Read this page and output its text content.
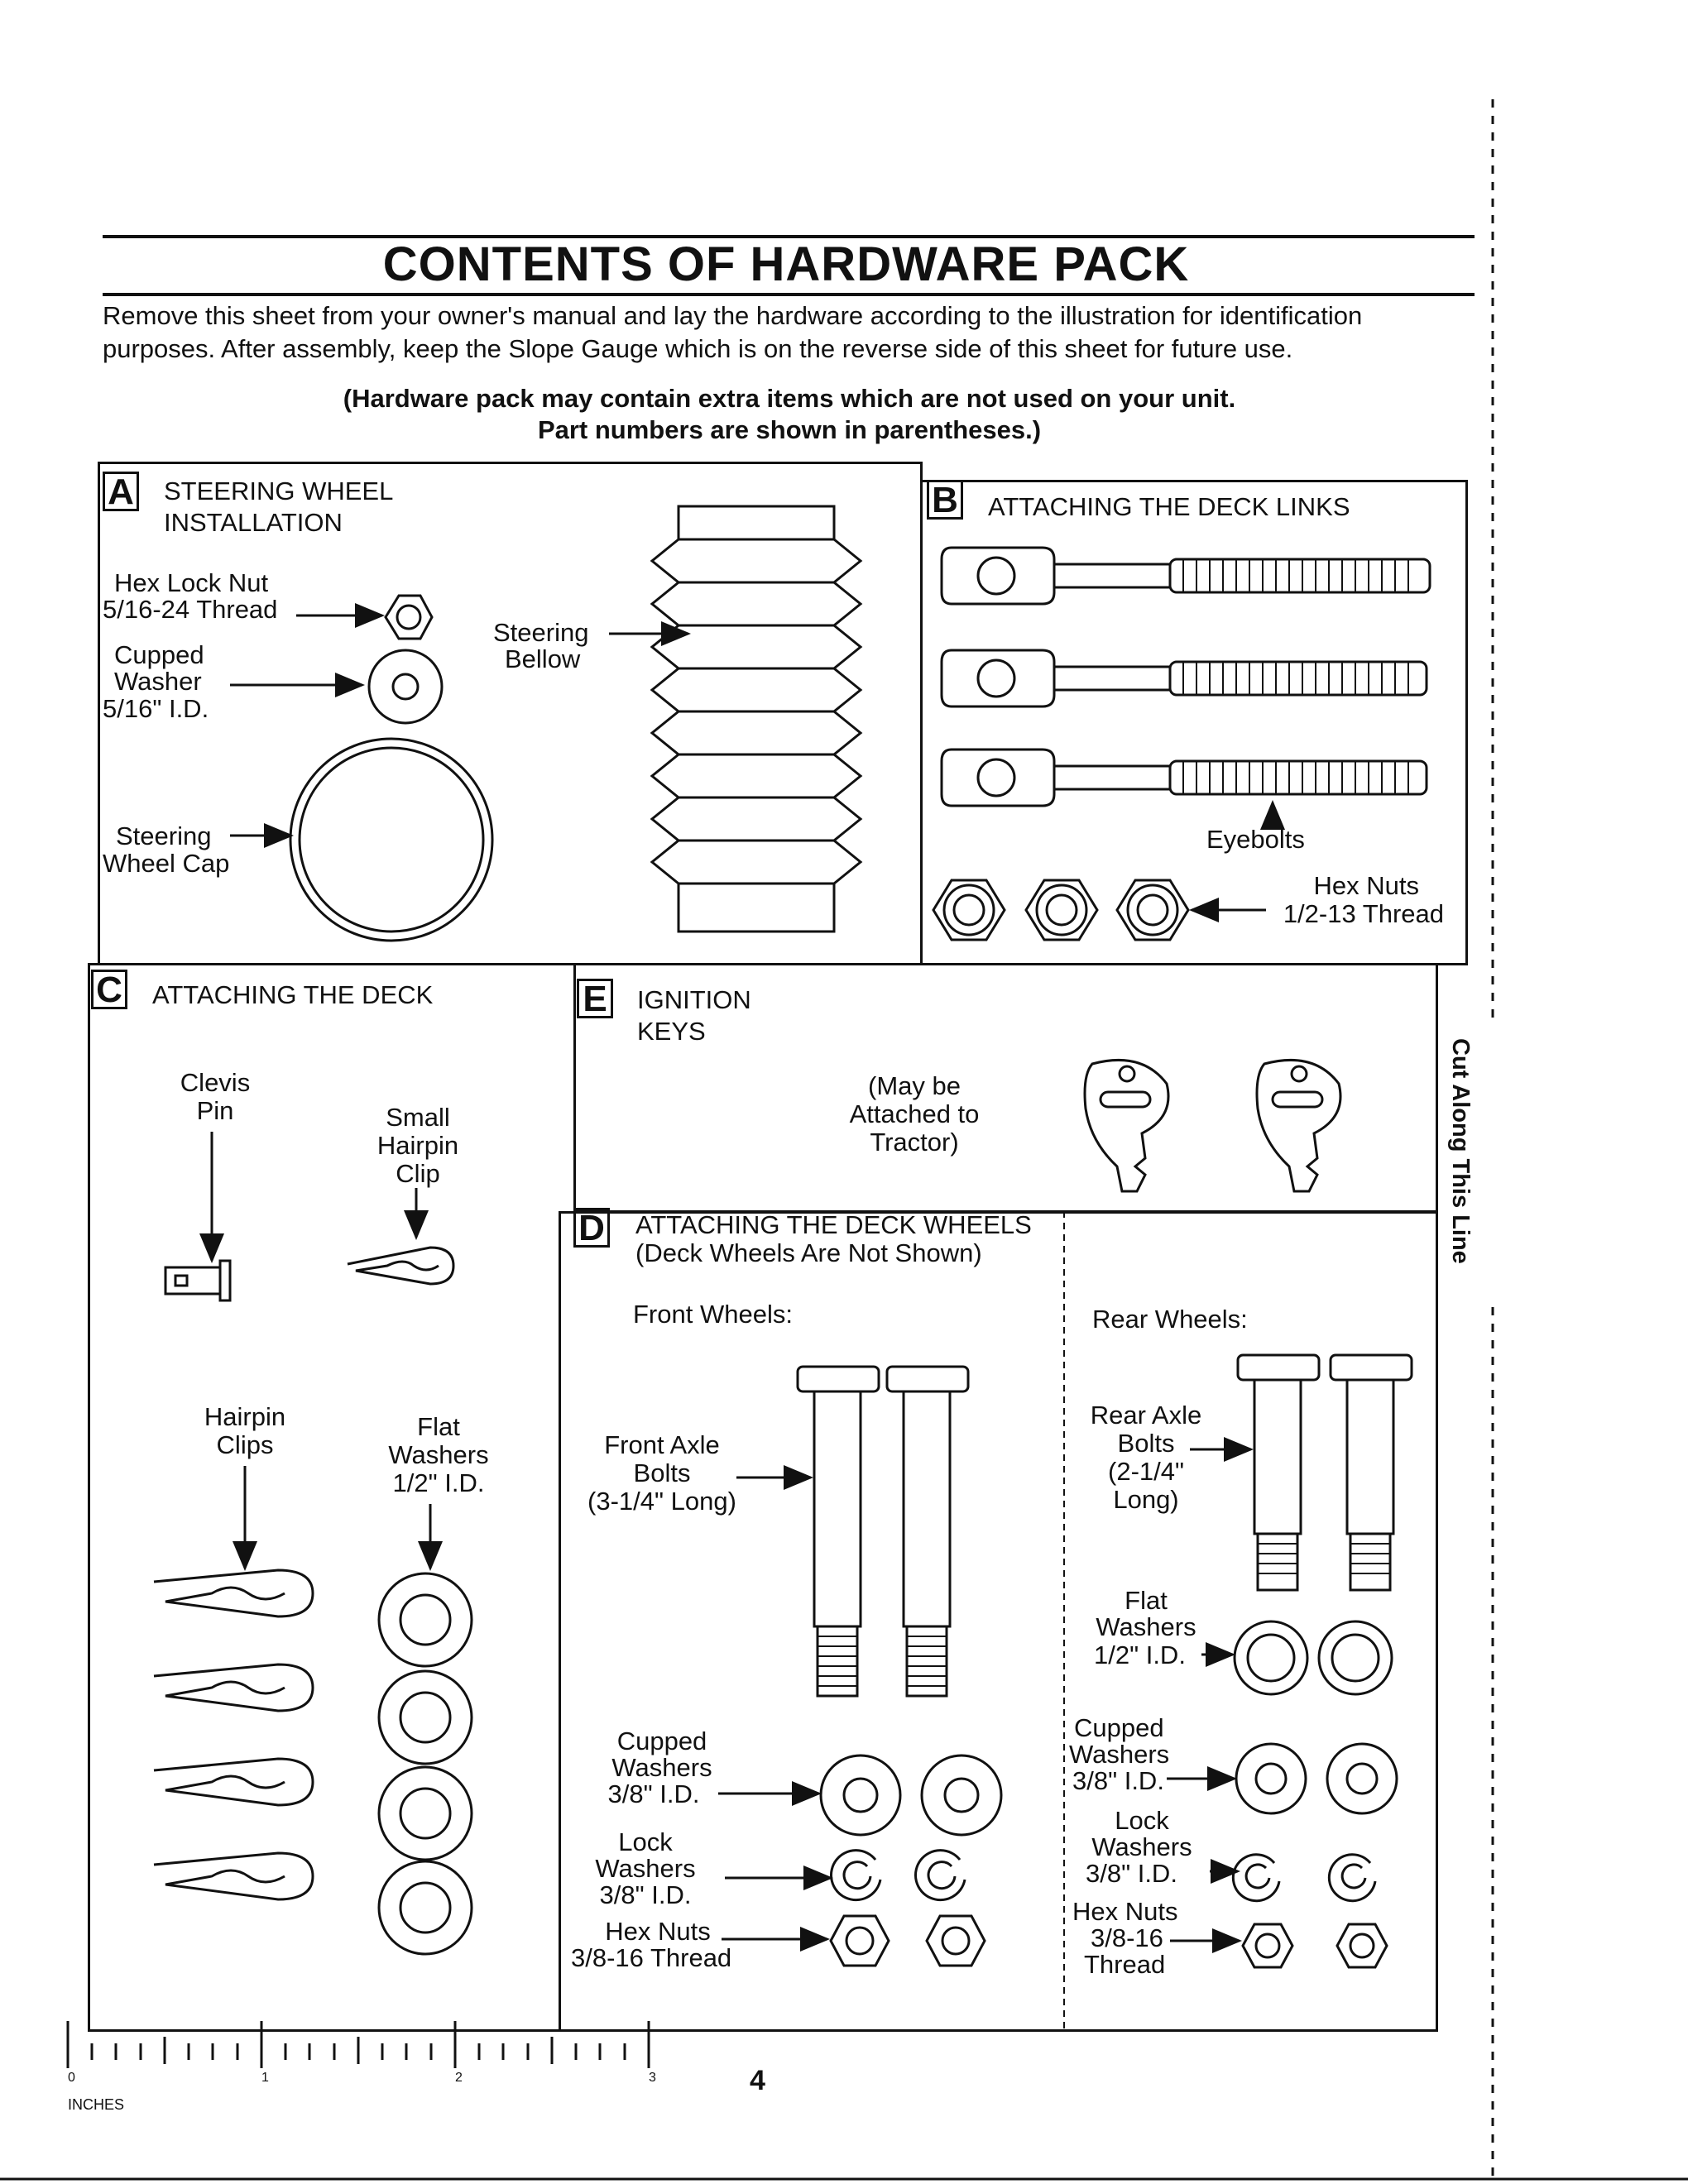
CONTENTS OF HARDWARE PACK
Remove this sheet from your owner's manual and lay the hardware according to the illustration for identification purposes. After assembly, keep the Slope Gauge which is on the reverse side of this sheet for future use.
(Hardware pack may contain extra items which are not used on your unit.
Part numbers are shown in parentheses.)
A STEERING WHEEL
INSTALLATION
Hex Lock Nut
5/16-24 Thread
Cupped
Washer
5/16" I.D.
Steering
Wheel Cap
Steering
Bellow
B ATTACHING THE DECK LINKS
Eyebolts
Hex Nuts
1/2-13 Thread
C ATTACHING THE DECK
Clevis
Pin	Small
Hairpin
Clip
Hairpin
Clips
Flat
Washers
1/2" I.D.
E IGNITION
KEYS
(May be
Attached to
Tractor)
D ATTACHING THE DECK WHEELS
(Deck Wheels Are Not Shown)
Front Wheels:	Rear Wheels:
Front Axle
Bolts
(3-1/4" Long)
Rear Axle
Bolts
(2-1/4"
Long)
Cupped
Washers
3/8" I.D.
Lock
Washers
3/8" I.D.
Hex Nuts
3/8-16 Thread
Flat
Washers
1/2" I.D.
Cupped
Washers
3/8" I.D.
Lock
Washers
3/8" I.D.
Hex Nuts
3/8-16
Thread
0	1	2	3
INCHES
4
Cut Along This Line
